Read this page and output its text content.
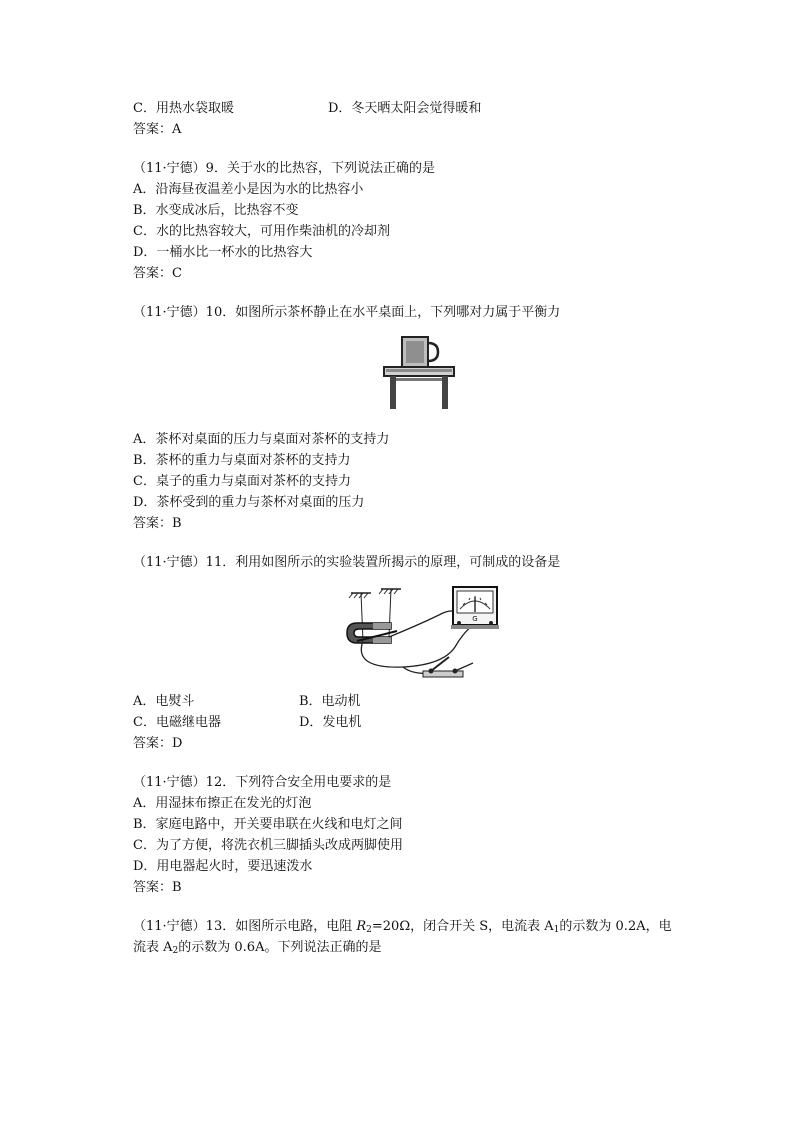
C．用热水袋取暖	D．冬天晒太阳会觉得暖和
答案：A
（11·宁德）9．关于水的比热容，下列说法正确的是
A．沿海昼夜温差小是因为水的比热容小
B．水变成冰后，比热容不变
C．水的比热容较大，可用作柴油机的冷却剂
D．一桶水比一杯水的比热容大
答案：C
（11·宁德）10．如图所示茶杯静止在水平桌面上，下列哪对力属于平衡力
A．茶杯对桌面的压力与桌面对茶杯的支持力
B．茶杯的重力与桌面对茶杯的支持力
C．桌子的重力与桌面对茶杯的支持力
D．茶杯受到的重力与茶杯对桌面的压力
答案：B
（11·宁德）11．利用如图所示的实验装置所揭示的原理，可制成的设备是
G
A．电熨斗	B．电动机
C．电磁继电器	D．发电机
答案：D
（11·宁德）12．下列符合安全用电要求的是
A．用湿抹布擦正在发光的灯泡
B．家庭电路中，开关要串联在火线和电灯之间
C．为了方便，将洗衣机三脚插头改成两脚使用
D．用电器起火时，要迅速泼水
答案：B
（11·宁德）13．如图所示电路，电阻 $R_2=20\Omega$，闭合开关 S，电流表 $A_1$的示数为 0.2A，电
流表 $A_2$的示数为 0.6A。下列说法正确的是
